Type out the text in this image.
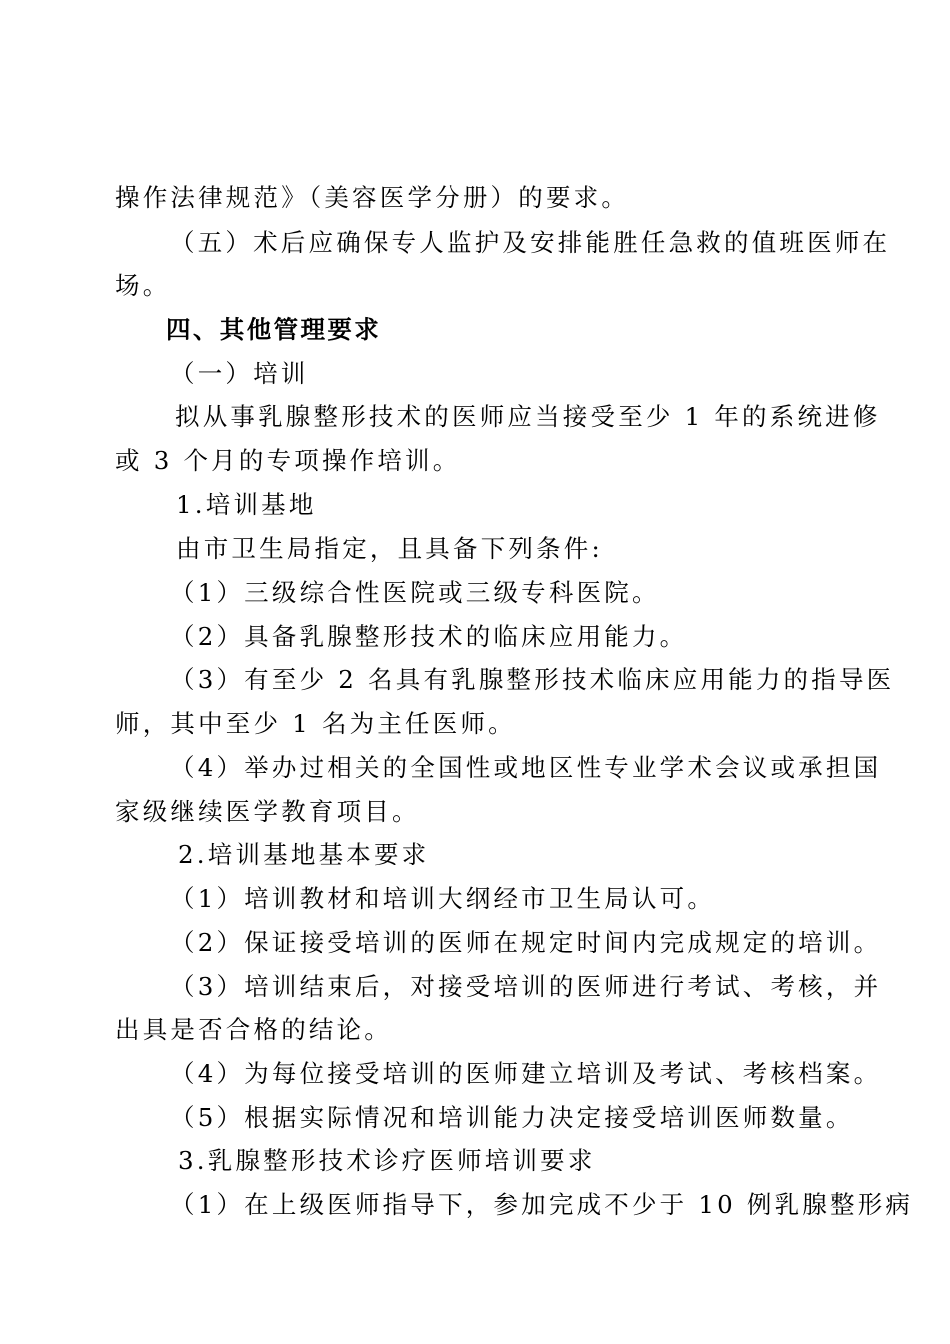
操作法律规范》（美容医学分册）的要求。
（五）术后应确保专人监护及安排能胜任急救的值班医师在
场。
四、其他管理要求
（一）培训
拟从事乳腺整形技术的医师应当接受至少 1 年的系统进修
或 3 个月的专项操作培训。
1.培训基地
由市卫生局指定，且具备下列条件:
（1）三级综合性医院或三级专科医院。
（2）具备乳腺整形技术的临床应用能力。
（3）有至少 2 名具有乳腺整形技术临床应用能力的指导医
师，其中至少 1 名为主任医师。
（4）举办过相关的全国性或地区性专业学术会议或承担国
家级继续医学教育项目。
2.培训基地基本要求
（1）培训教材和培训大纲经市卫生局认可。
（2）保证接受培训的医师在规定时间内完成规定的培训。
（3）培训结束后，对接受培训的医师进行考试、考核，并
出具是否合格的结论。
（4）为每位接受培训的医师建立培训及考试、考核档案。
（5）根据实际情况和培训能力决定接受培训医师数量。
3.乳腺整形技术诊疗医师培训要求
（1）在上级医师指导下，参加完成不少于 10 例乳腺整形病
